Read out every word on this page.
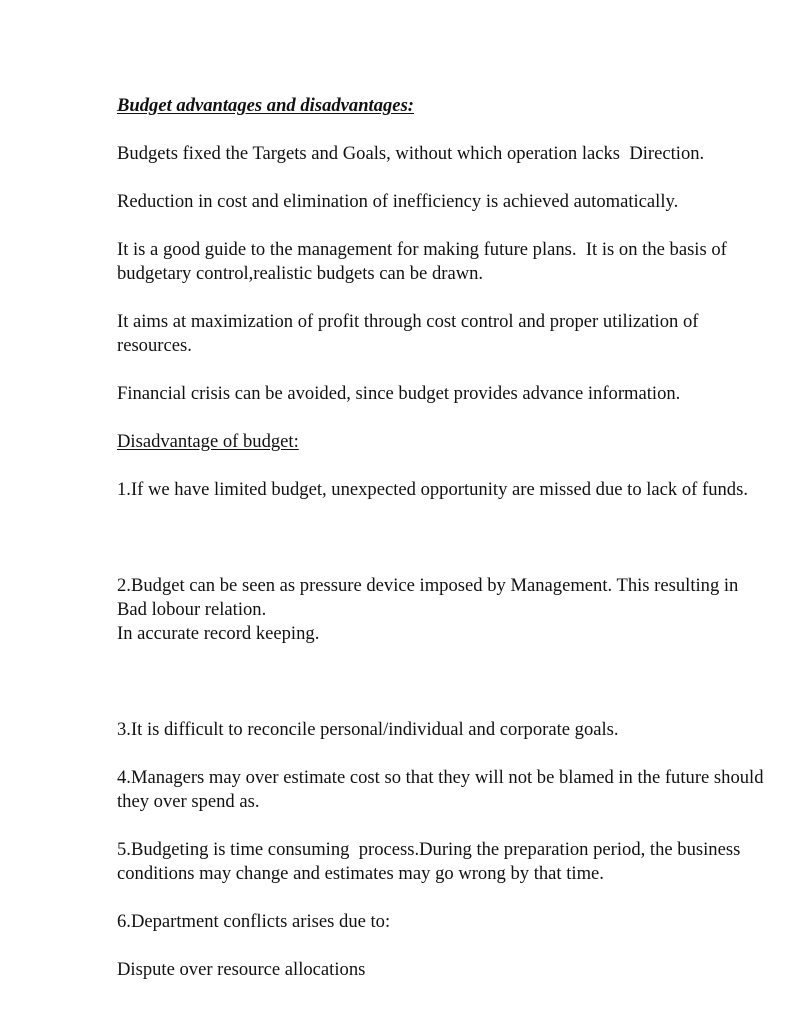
Budget advantages and disadvantages:

Budgets fixed the Targets and Goals, without which operation lacks  Direction.

Reduction in cost and elimination of inefficiency is achieved automatically.

It is a good guide to the management for making future plans.  It is on the basis of budgetary control,realistic budgets can be drawn.

It aims at maximization of profit through cost control and proper utilization of resources.

Financial crisis can be avoided, since budget provides advance information.

Disadvantage of budget:

1.If we have limited budget, unexpected opportunity are missed due to lack of funds.

2.Budget can be seen as pressure device imposed by Management. This resulting in
Bad lobour relation.
In accurate record keeping.

3.It is difficult to reconcile personal/individual and corporate goals.

4.Managers may over estimate cost so that they will not be blamed in the future should they over spend as.

5.Budgeting is time consuming  process.During the preparation period, the business conditions may change and estimates may go wrong by that time.

6.Department conflicts arises due to:

Dispute over resource allocations
